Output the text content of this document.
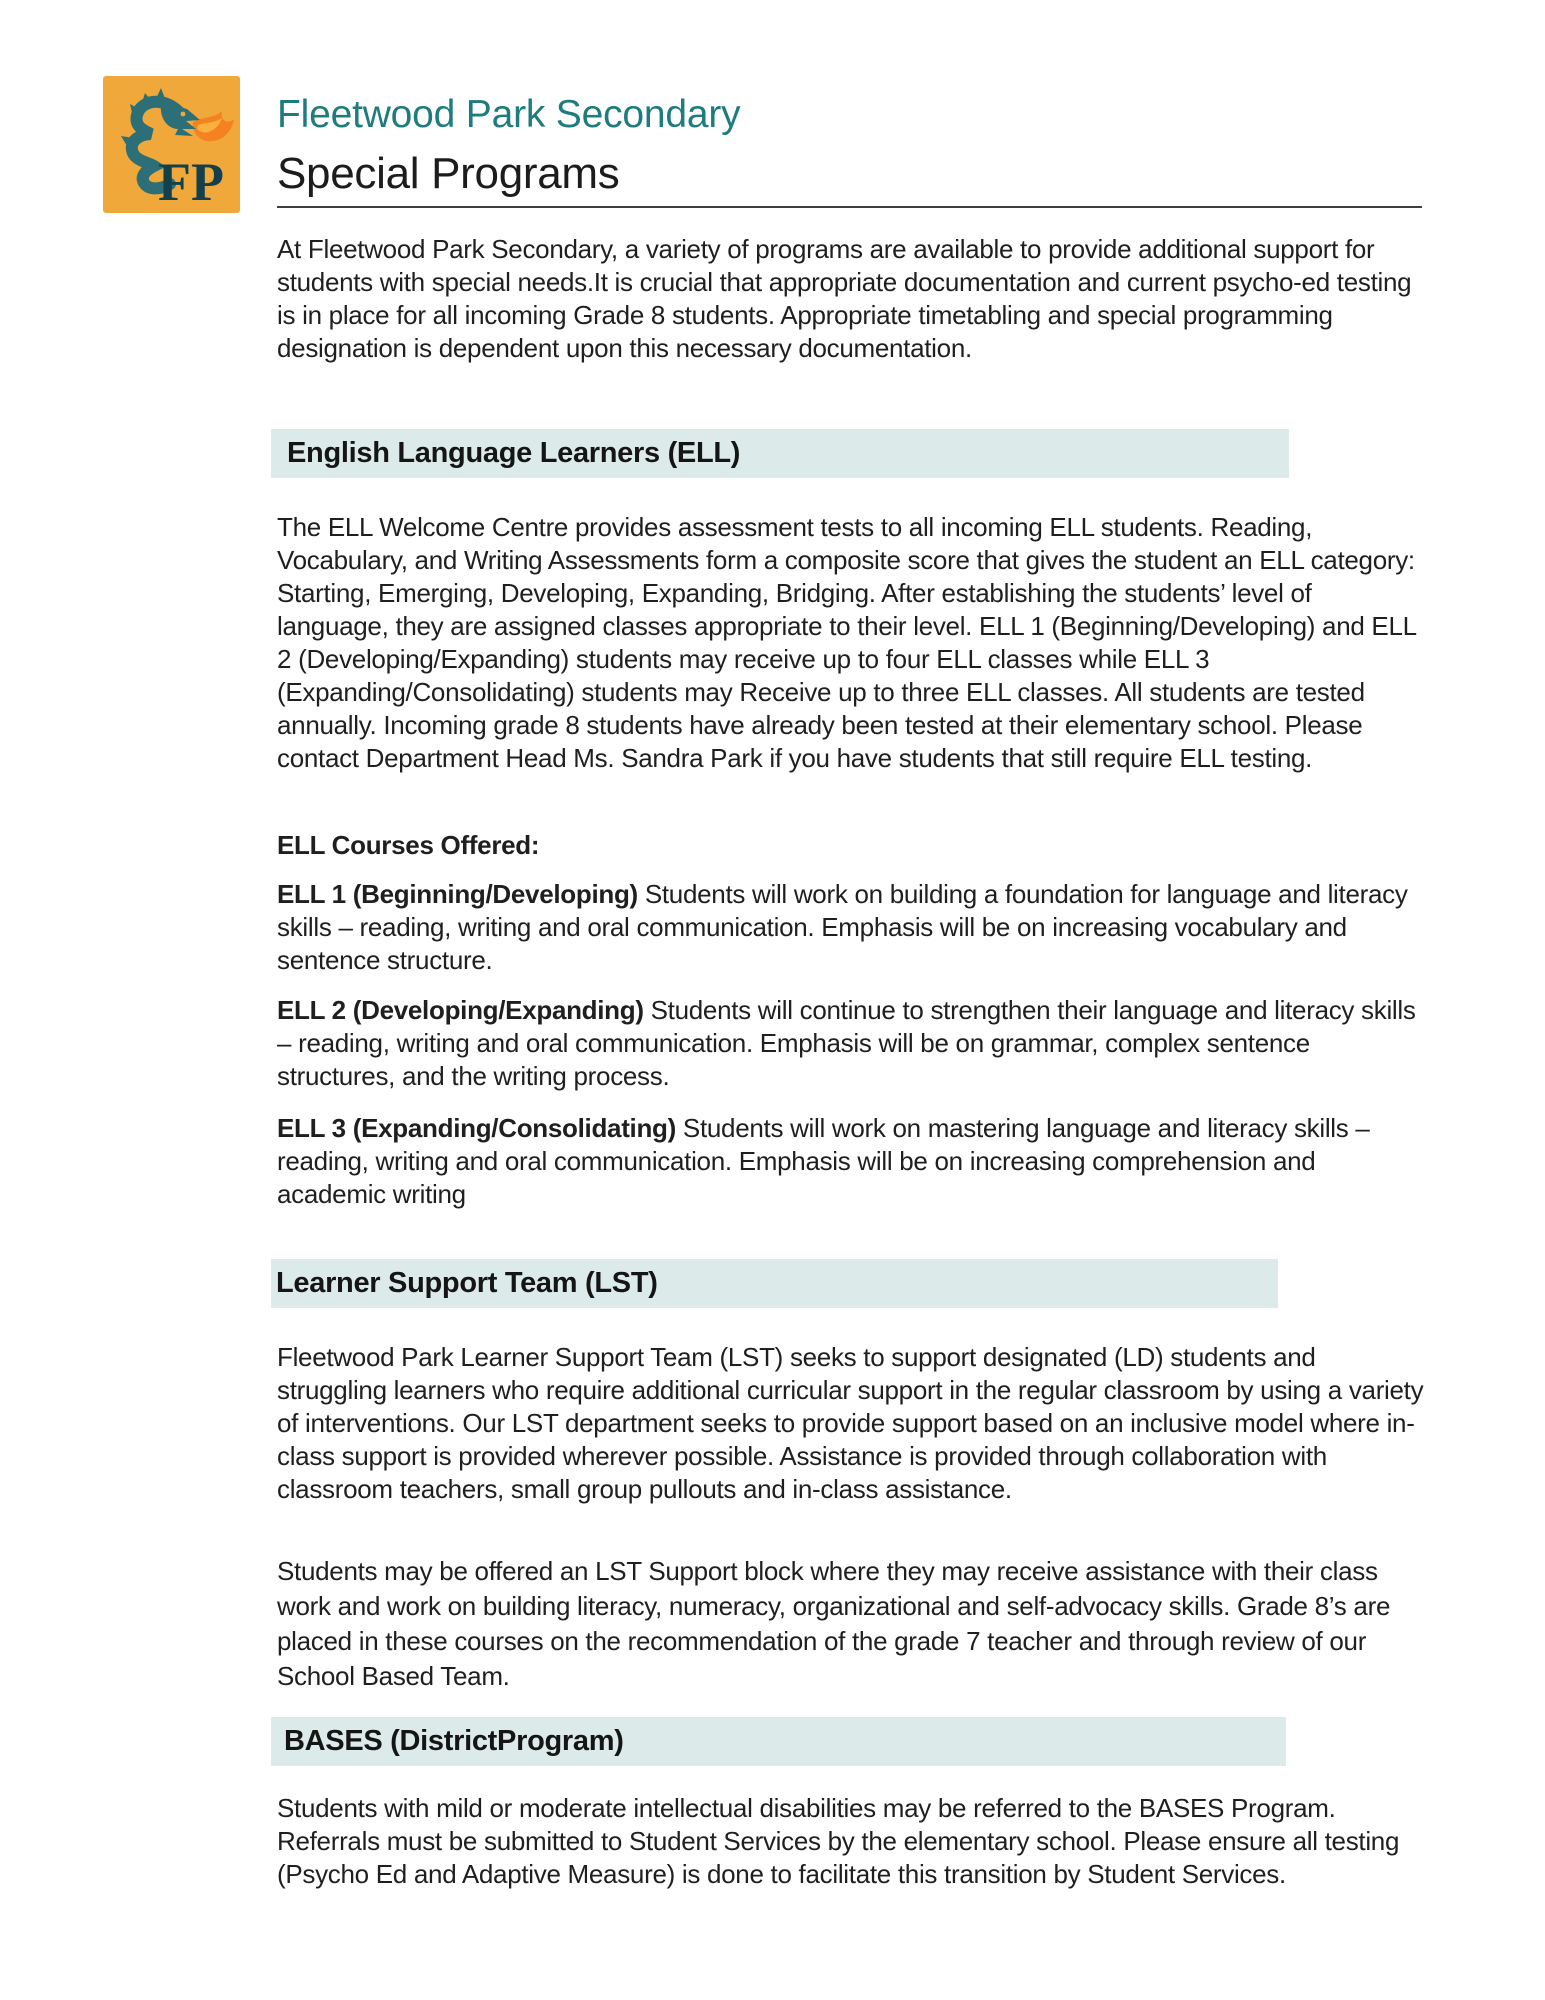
FP
Fleetwood Park Secondary
Special Programs
At Fleetwood Park Secondary, a variety of programs are available to provide additional support for students with special needs.It is crucial that appropriate documentation and current psycho-ed testing is in place for all incoming Grade 8 students. Appropriate timetabling and special programming designation is dependent upon this necessary documentation.
English Language Learners (ELL)
The ELL Welcome Centre provides assessment tests to all incoming ELL students. Reading, Vocabulary, and Writing Assessments form a composite score that gives the student an ELL category: Starting, Emerging, Developing, Expanding, Bridging. After establishing the students’ level of language, they are assigned classes appropriate to their level. ELL 1 (Beginning/Developing) and ELL 2 (Developing/Expanding) students may receive up to four ELL classes while ELL 3 (Expanding/Consolidating) students may Receive up to three ELL classes. All students are tested annually. Incoming grade 8 students have already been tested at their elementary school. Please contact Department Head Ms. Sandra Park if you have students that still require ELL testing.
ELL Courses Offered:
ELL 1 (Beginning/Developing) Students will work on building a foundation for language and literacy skills – reading, writing and oral communication. Emphasis will be on increasing vocabulary and sentence structure.
ELL 2 (Developing/Expanding) Students will continue to strengthen their language and literacy skills – reading, writing and oral communication. Emphasis will be on grammar, complex sentence structures, and the writing process.
ELL 3 (Expanding/Consolidating) Students will work on mastering language and literacy skills – reading, writing and oral communication. Emphasis will be on increasing comprehension and academic writing
Learner Support Team (LST)
Fleetwood Park Learner Support Team (LST) seeks to support designated (LD) students and struggling learners who require additional curricular support in the regular classroom by using a variety of interventions. Our LST department seeks to provide support based on an inclusive model where in-class support is provided wherever possible. Assistance is provided through collaboration with classroom teachers, small group pullouts and in-class assistance.
Students may be offered an LST Support block where they may receive assistance with their class work and work on building literacy, numeracy, organizational and self-advocacy skills. Grade 8’s are placed in these courses on the recommendation of the grade 7 teacher and through review of our School Based Team.
BASES (DistrictProgram)
Students with mild or moderate intellectual disabilities may be referred to the BASES Program. Referrals must be submitted to Student Services by the elementary school. Please ensure all testing (Psycho Ed and Adaptive Measure) is done to facilitate this transition by Student Services.
